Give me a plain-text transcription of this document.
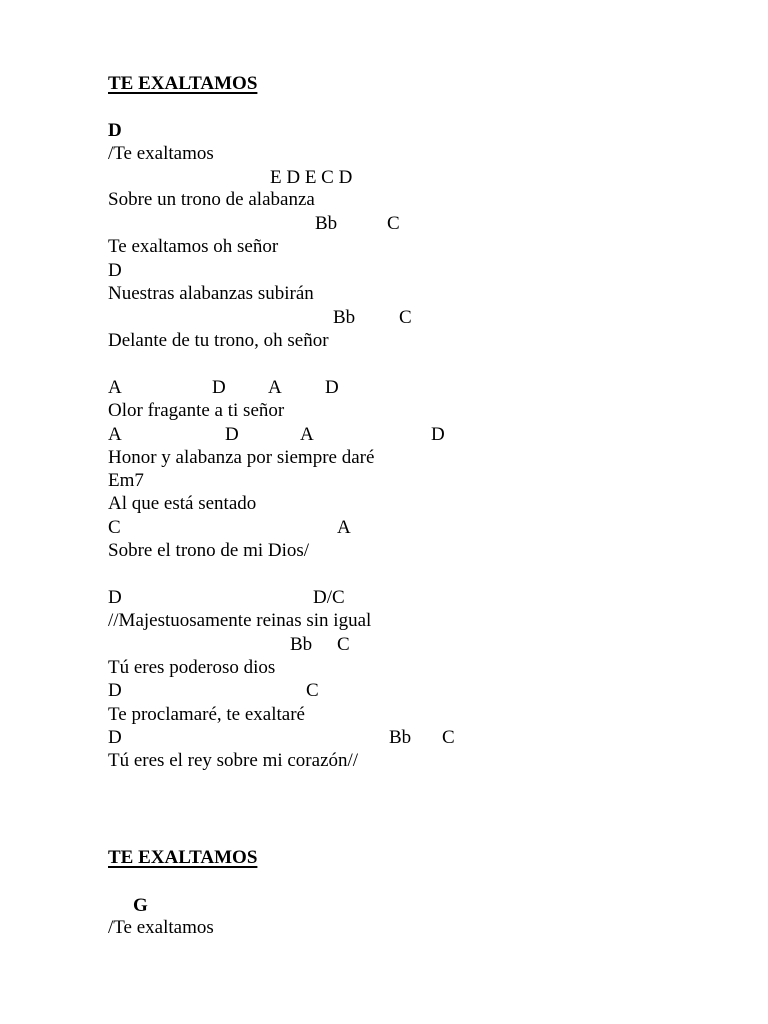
TE EXALTAMOS
D
/Te exaltamos
E D E C D
Sobre un trono de alabanza
Bb	C
Te exaltamos oh señor
D
Nuestras alabanzas subirán
Bb C
Delante de tu trono, oh señor
A	D A D
Olor fragante a ti señor
A	D	A	D
Honor y alabanza por siempre daré
Em7
Al que está sentado
C	A
Sobre el trono de mi Dios/
D	D/C
//Majestuosamente reinas sin igual
Bb C
Tú eres poderoso dios
D	C
Te proclamaré, te exaltaré
D	Bb C
Tú eres el rey sobre mi corazón//
TE EXALTAMOS
G
/Te exaltamos
